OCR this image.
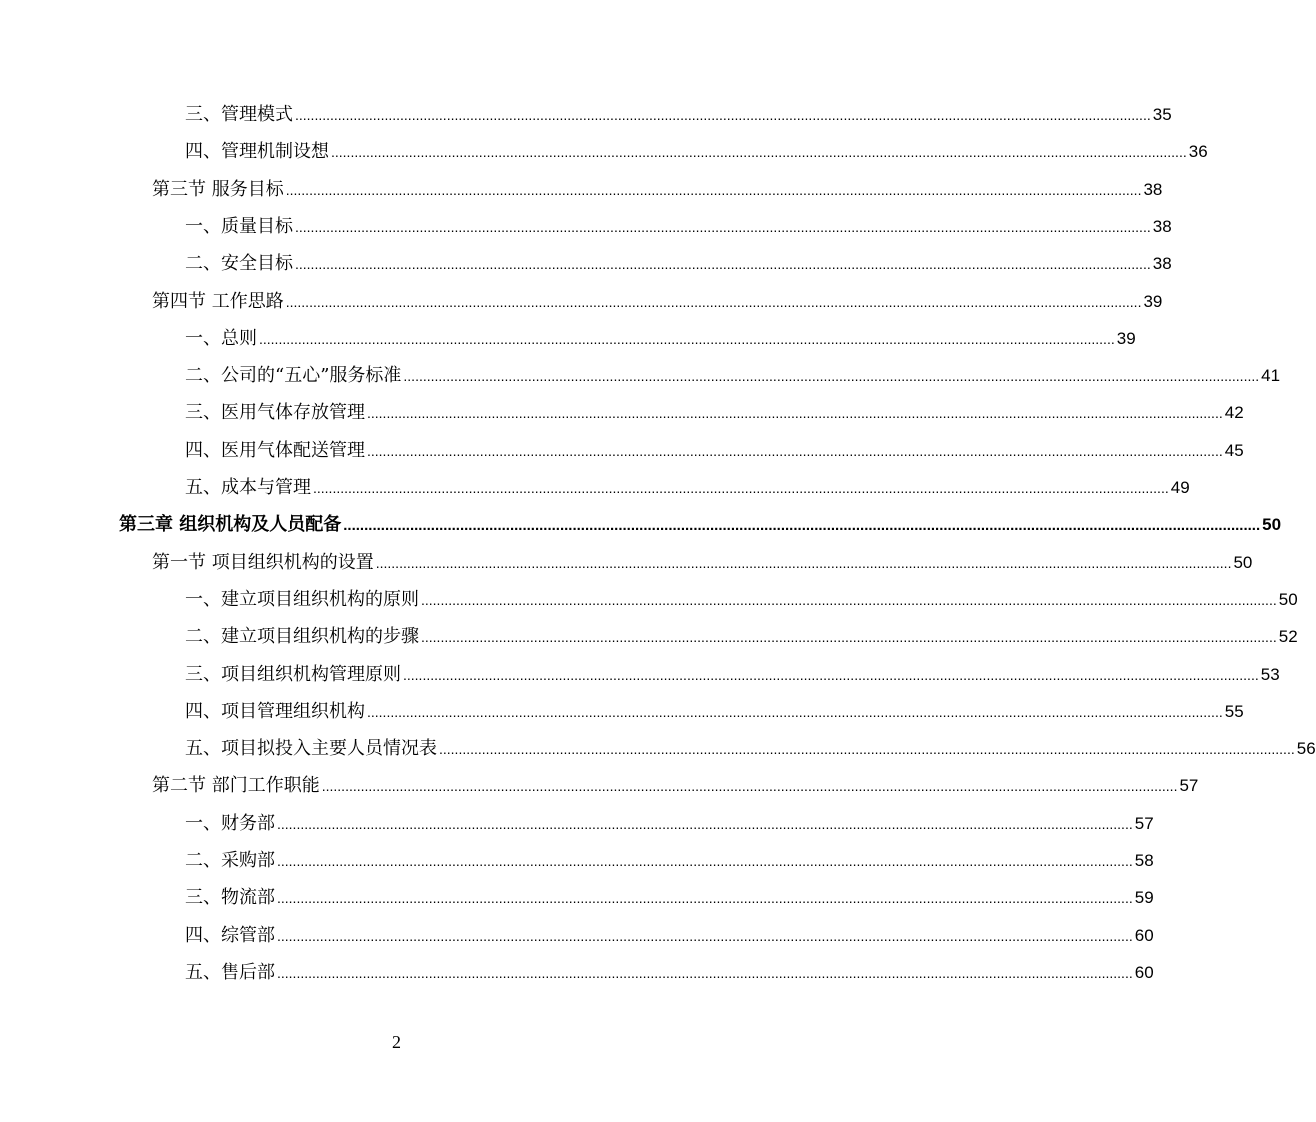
三、管理模式 ............................................................................................................................................................................................................................ 35
四、管理机制设想 ............................................................................................................................................................................................................................ 36
第三节 服务目标 ............................................................................................................................................................................................................................ 38
一、质量目标 ............................................................................................................................................................................................................................ 38
二、安全目标 ............................................................................................................................................................................................................................ 38
第四节 工作思路 ............................................................................................................................................................................................................................ 39
一、总则 ............................................................................................................................................................................................................................ 39
二、公司的“五心”服务标准 ............................................................................................................................................................................................................................ 41
三、医用气体存放管理 ............................................................................................................................................................................................................................ 42
四、医用气体配送管理 ............................................................................................................................................................................................................................ 45
五、成本与管理 ............................................................................................................................................................................................................................ 49
第三章 组织机构及人员配备 ............................................................................................................................................................................................................................ 50
第一节 项目组织机构的设置 ............................................................................................................................................................................................................................ 50
一、建立项目组织机构的原则 ............................................................................................................................................................................................................................ 50
二、建立项目组织机构的步骤 ............................................................................................................................................................................................................................ 52
三、项目组织机构管理原则 ............................................................................................................................................................................................................................ 53
四、项目管理组织机构 ............................................................................................................................................................................................................................ 55
五、项目拟投入主要人员情况表 ............................................................................................................................................................................................................................ 56
第二节 部门工作职能 ............................................................................................................................................................................................................................ 57
一、财务部 ............................................................................................................................................................................................................................ 57
二、采购部 ............................................................................................................................................................................................................................ 58
三、物流部 ............................................................................................................................................................................................................................ 59
四、综管部 ............................................................................................................................................................................................................................ 60
五、售后部 ............................................................................................................................................................................................................................ 60
2
